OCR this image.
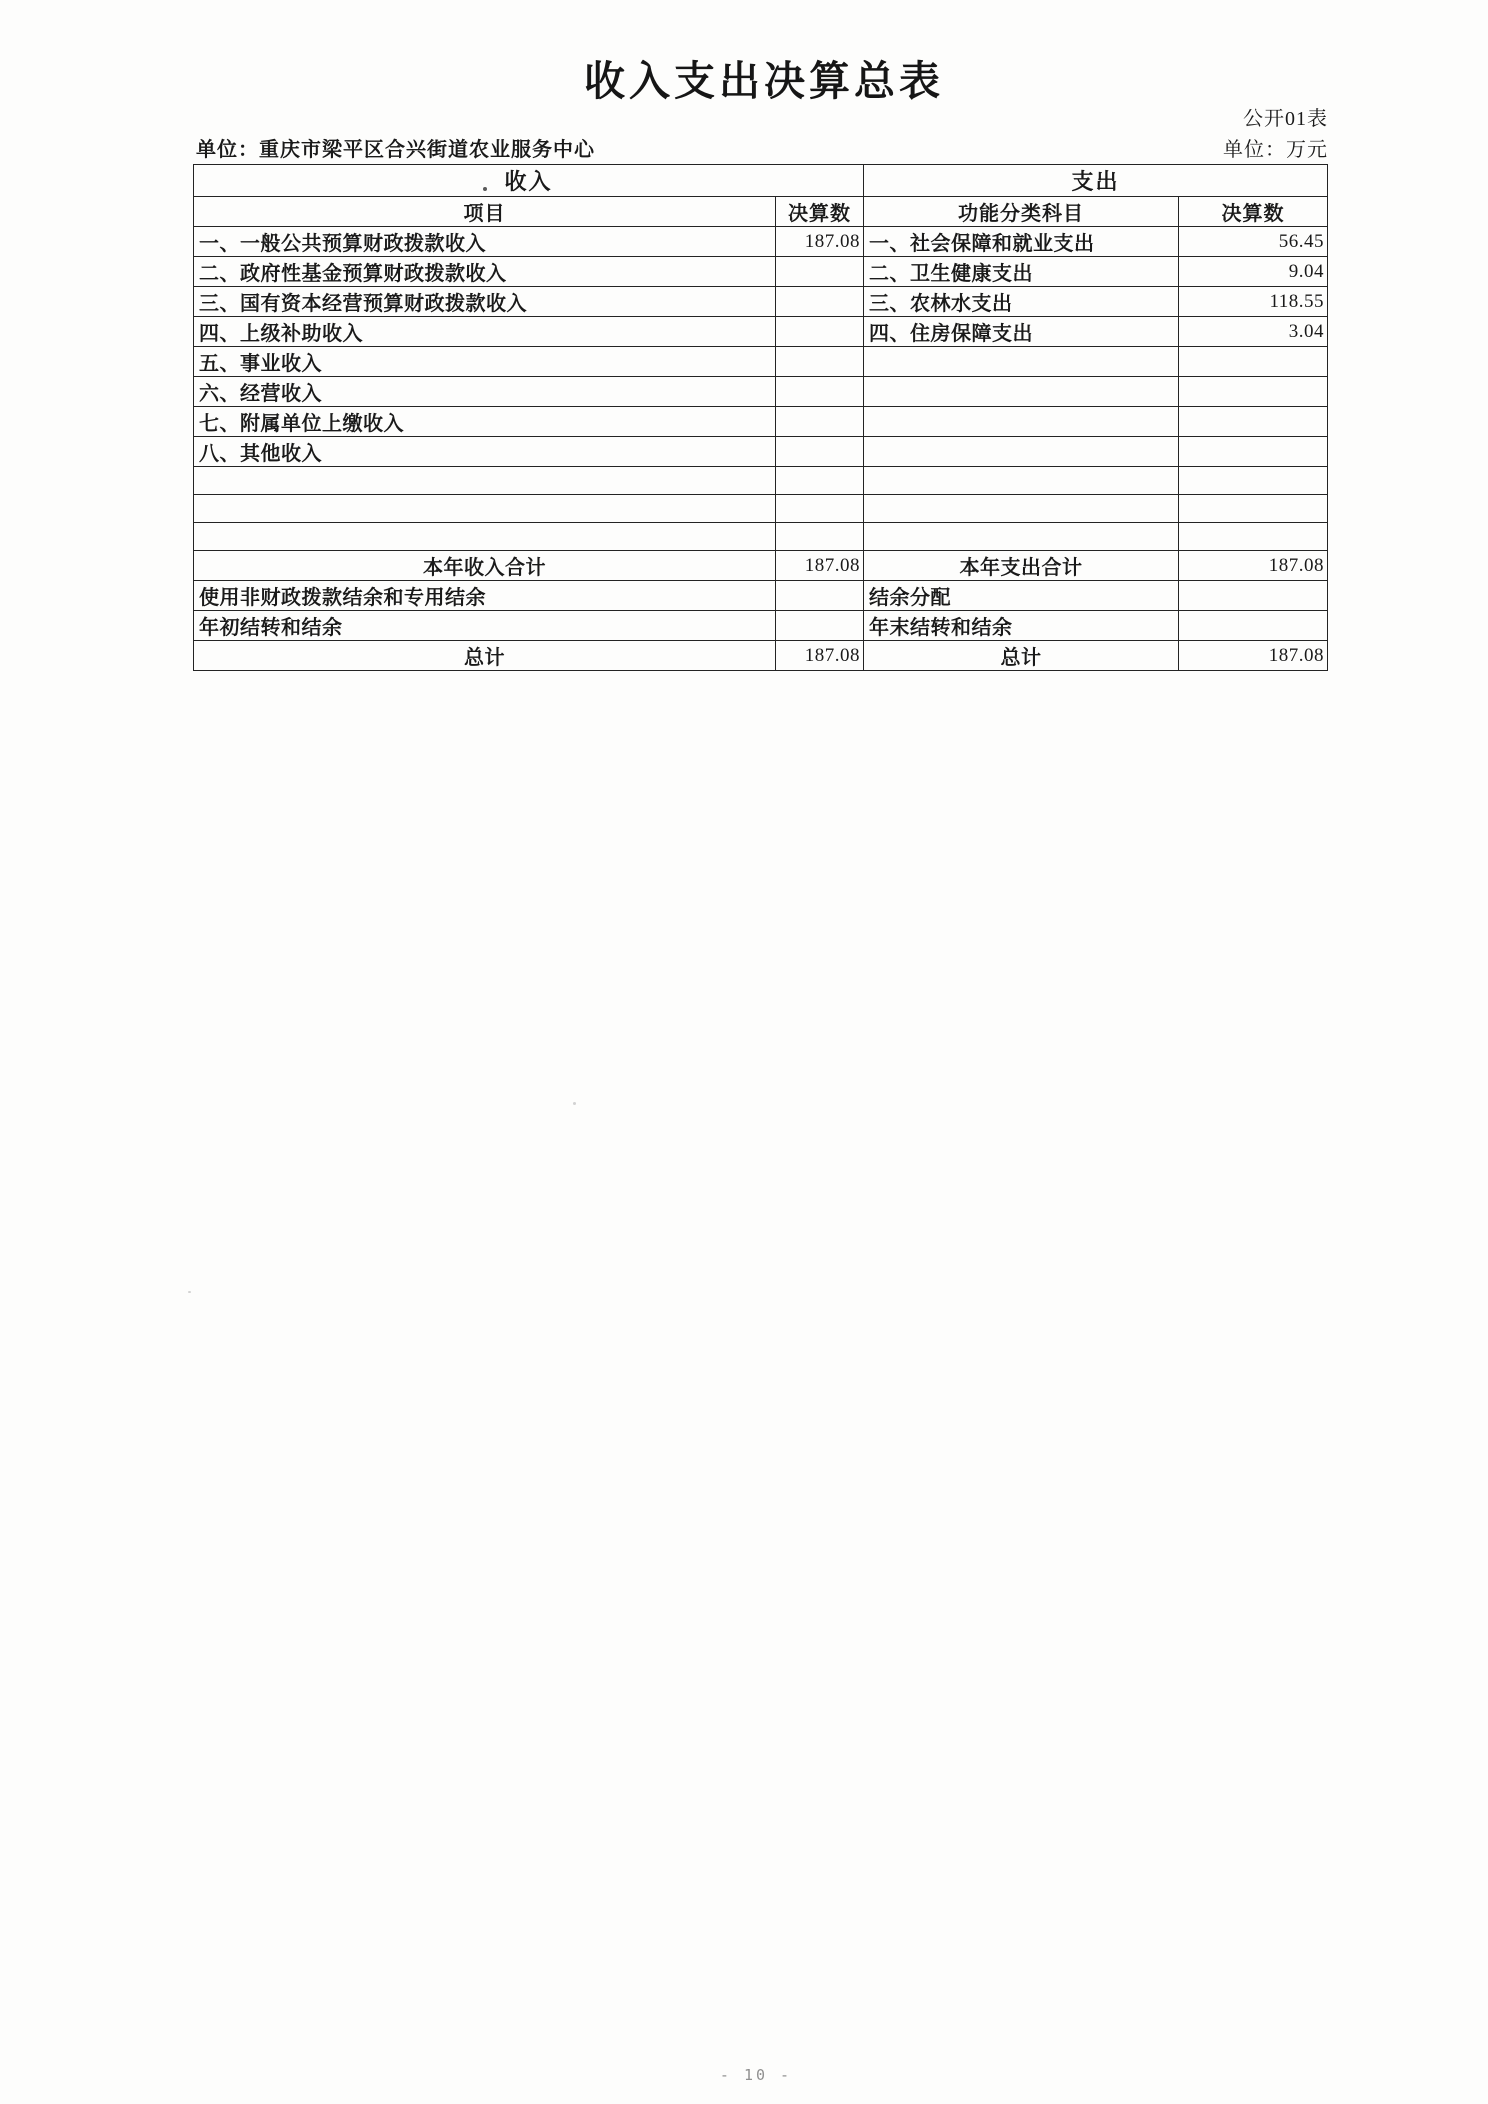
收入支出决算总表
公开01表
单位：重庆市梁平区合兴街道农业服务中心	单位：万元
收入		支出	
项目	决算数	功能分类科目	决算数
一、一般公共预算财政拨款收入	187.08	一、社会保障和就业支出	56.45
二、政府性基金预算财政拨款收入		二、卫生健康支出	9.04
三、国有资本经营预算财政拨款收入		三、农林水支出	118.55
四、上级补助收入		四、住房保障支出	3.04
五、事业收入			
六、经营收入			
七、附属单位上缴收入			
八、其他收入			

本年收入合计	187.08	本年支出合计	187.08
使用非财政拨款结余和专用结余		结余分配	
年初结转和结余		年末结转和结余	
总计	187.08	总计	187.08
- 10 -
